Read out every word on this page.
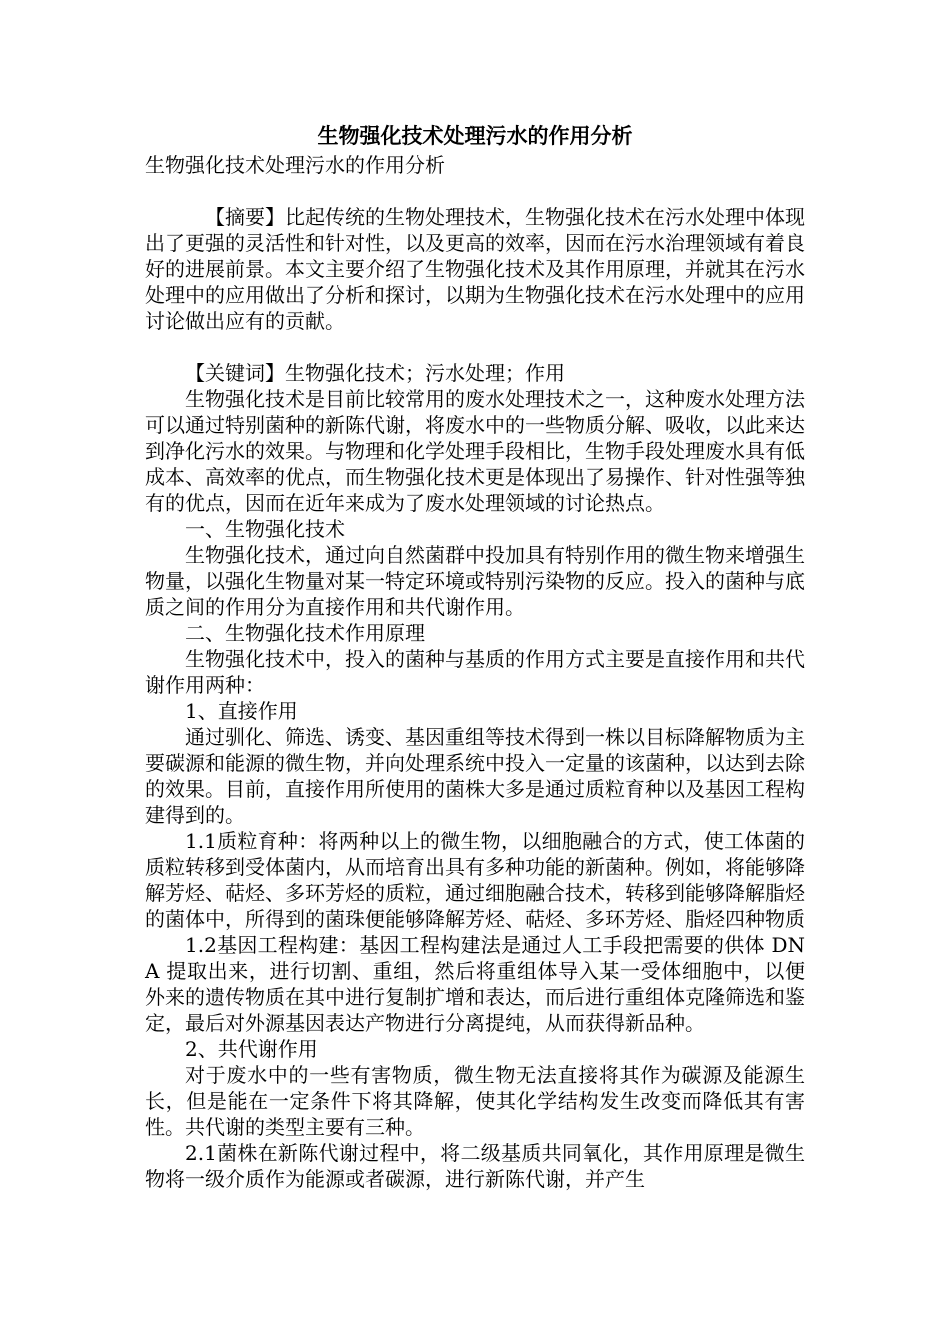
生物强化技术处理污水的作用分析

生物强化技术处理污水的作用分析

【摘要】比起传统的生物处理技术，生物强化技术在污水处理中体现出了更强的灵活性和针对性，以及更高的效率，因而在污水治理领域有着良好的进展前景。本文主要介绍了生物强化技术及其作用原理，并就其在污水处理中的应用做出了分析和探讨，以期为生物强化技术在污水处理中的应用讨论做出应有的贡献。

【关键词】生物强化技术；污水处理；作用

生物强化技术是目前比较常用的废水处理技术之一，这种废水处理方法可以通过特别菌种的新陈代谢，将废水中的一些物质分解、吸收，以此来达到净化污水的效果。与物理和化学处理手段相比，生物手段处理废水具有低成本、高效率的优点，而生物强化技术更是体现出了易操作、针对性强等独有的优点，因而在近年来成为了废水处理领域的讨论热点。

一、生物强化技术

生物强化技术，通过向自然菌群中投加具有特别作用的微生物来增强生物量，以强化生物量对某一特定环境或特别污染物的反应。投入的菌种与底质之间的作用分为直接作用和共代谢作用。

二、生物强化技术作用原理

生物强化技术中，投入的菌种与基质的作用方式主要是直接作用和共代谢作用两种：

1、直接作用

通过驯化、筛选、诱变、基因重组等技术得到一株以目标降解物质为主要碳源和能源的微生物，并向处理系统中投入一定量的该菌种，以达到去除的效果。目前，直接作用所使用的菌株大多是通过质粒育种以及基因工程构建得到的。

1.1质粒育种：将两种以上的微生物，以细胞融合的方式，使工体菌的质粒转移到受体菌内，从而培育出具有多种功能的新菌种。例如，将能够降解芳烃、萜烃、多环芳烃的质粒，通过细胞融合技术，转移到能够降解脂烃的菌体中，所得到的菌珠便能够降解芳烃、萜烃、多环芳烃、脂烃四种物质

1.2基因工程构建：基因工程构建法是通过人工手段把需要的供体 DNA 提取出来，进行切割、重组，然后将重组体导入某一受体细胞中，以便外来的遗传物质在其中进行复制扩增和表达，而后进行重组体克隆筛选和鉴定，最后对外源基因表达产物进行分离提纯，从而获得新品种。

2、共代谢作用

对于废水中的一些有害物质，微生物无法直接将其作为碳源及能源生长，但是能在一定条件下将其降解，使其化学结构发生改变而降低其有害性。共代谢的类型主要有三种。

2.1菌株在新陈代谢过程中，将二级基质共同氧化，其作用原理是微生物将一级介质作为能源或者碳源，进行新陈代谢，并产生
